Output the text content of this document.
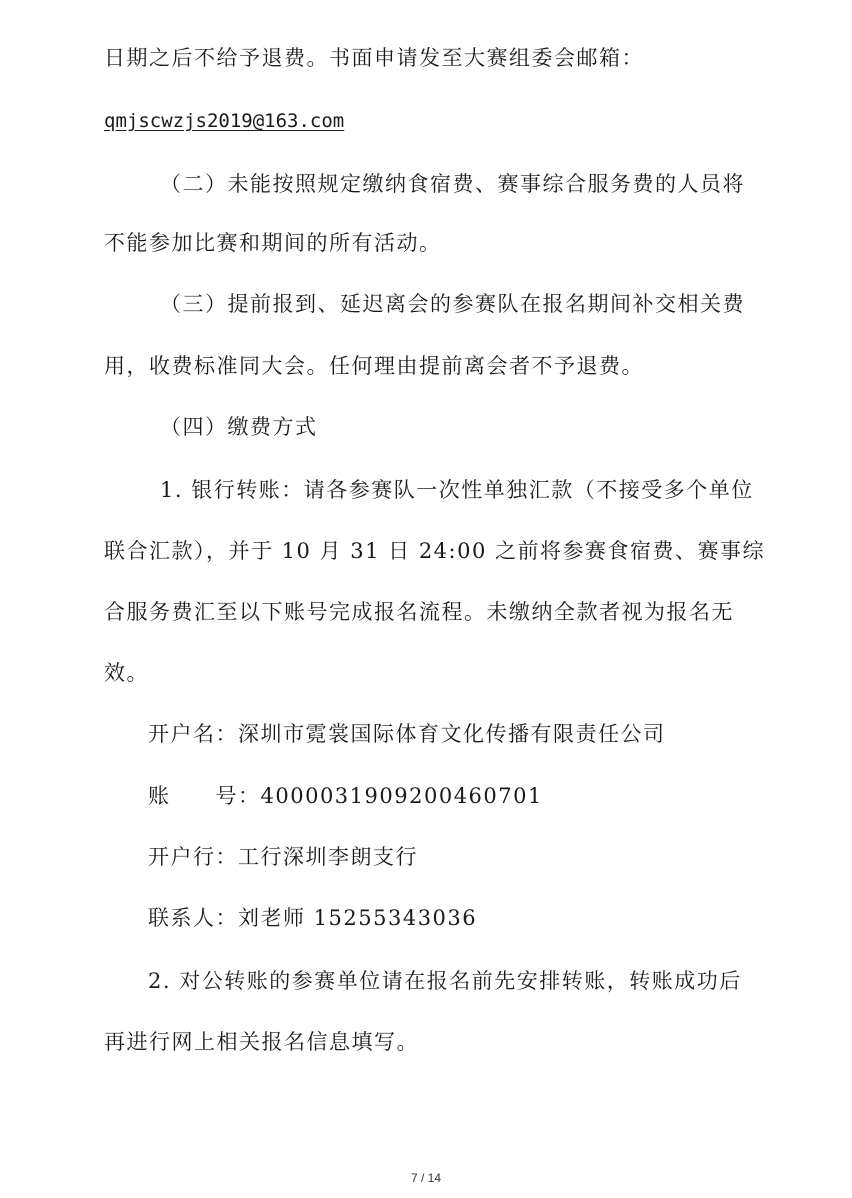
日期之后不给予退费。书面申请发至大赛组委会邮箱：
qmjscwzjs2019@163.com
（二）未能按照规定缴纳食宿费、赛事综合服务费的人员将
不能参加比赛和期间的所有活动。
（三）提前报到、延迟离会的参赛队在报名期间补交相关费
用，收费标准同大会。任何理由提前离会者不予退费。
（四）缴费方式
1. 银行转账：请各参赛队一次性单独汇款（不接受多个单位
联合汇款），并于 10 月 31 日 24:00 之前将参赛食宿费、赛事综
合服务费汇至以下账号完成报名流程。未缴纳全款者视为报名无
效。
开户名：深圳市霓裳国际体育文化传播有限责任公司
账　　号：4000031909200460701
开户行：工行深圳李朗支行
联系人：刘老师 15255343036
2. 对公转账的参赛单位请在报名前先安排转账，转账成功后
再进行网上相关报名信息填写。
7 / 14
